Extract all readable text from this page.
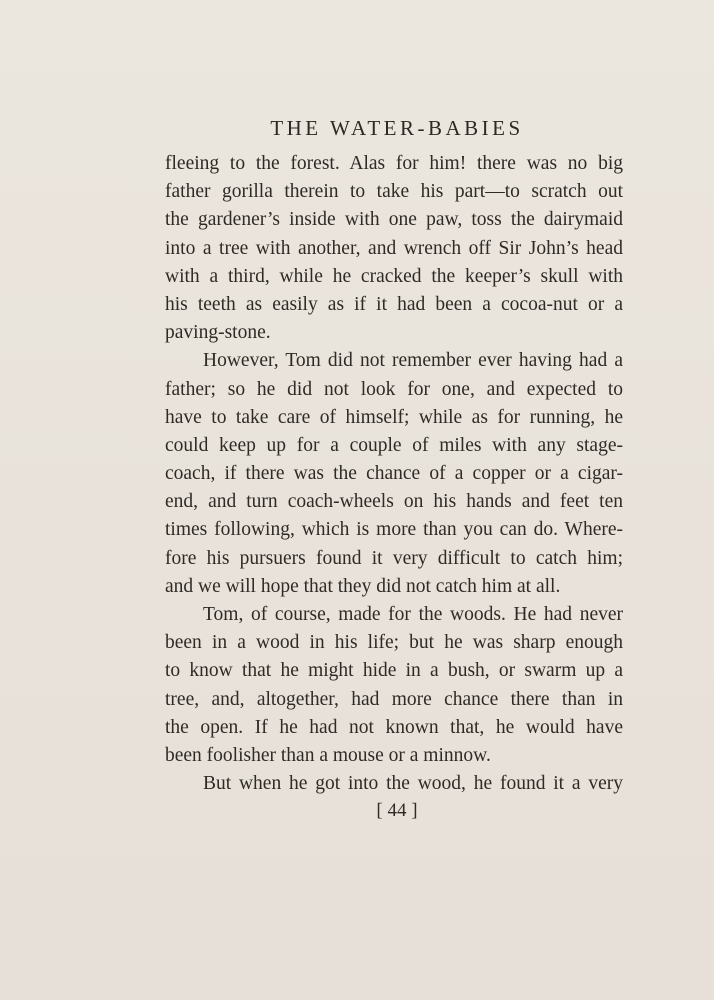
THE WATER-BABIES
fleeing to the forest. Alas for him! there was no big
father gorilla therein to take his part—to scratch out
the gardener’s inside with one paw, toss the dairymaid
into a tree with another, and wrench off Sir John’s head
with a third, while he cracked the keeper’s skull with
his teeth as easily as if it had been a cocoa-nut or a
paving-stone.
However, Tom did not remember ever having had a
father; so he did not look for one, and expected to
have to take care of himself; while as for running, he
could keep up for a couple of miles with any stage-
coach, if there was the chance of a copper or a cigar-
end, and turn coach-wheels on his hands and feet ten
times following, which is more than you can do. Where-
fore his pursuers found it very difficult to catch him;
and we will hope that they did not catch him at all.
Tom, of course, made for the woods. He had never
been in a wood in his life; but he was sharp enough
to know that he might hide in a bush, or swarm up a
tree, and, altogether, had more chance there than in
the open. If he had not known that, he would have
been foolisher than a mouse or a minnow.
But when he got into the wood, he found it a very
[ 44 ]
